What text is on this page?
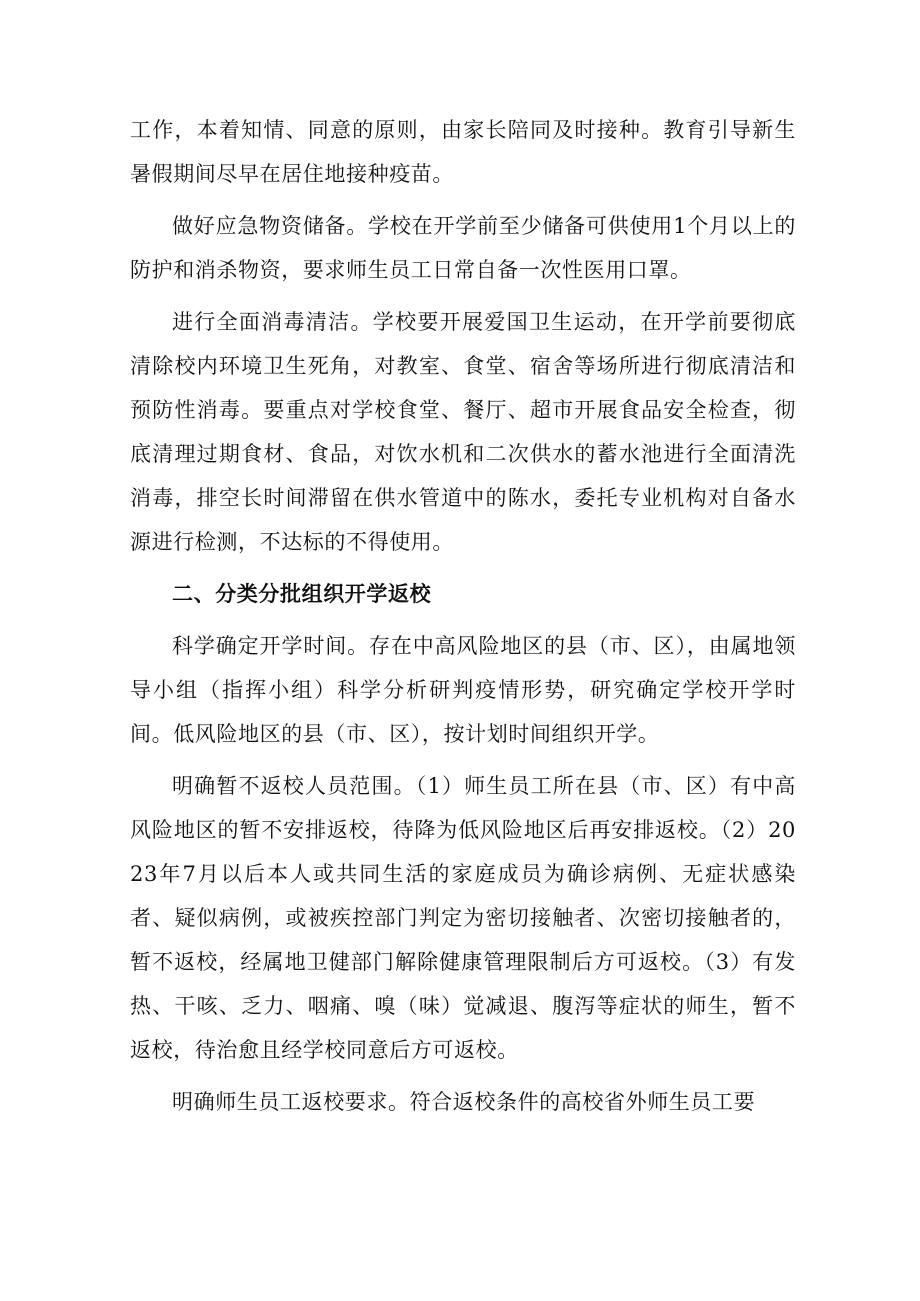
工作，本着知情、同意的原则，由家长陪同及时接种。教育引导新生暑假期间尽早在居住地接种疫苗。

做好应急物资储备。学校在开学前至少储备可供使用1个月以上的防护和消杀物资，要求师生员工日常自备一次性医用口罩。

进行全面消毒清洁。学校要开展爱国卫生运动，在开学前要彻底清除校内环境卫生死角，对教室、食堂、宿舍等场所进行彻底清洁和预防性消毒。要重点对学校食堂、餐厅、超市开展食品安全检查，彻底清理过期食材、食品，对饮水机和二次供水的蓄水池进行全面清洗消毒，排空长时间滞留在供水管道中的陈水，委托专业机构对自备水源进行检测，不达标的不得使用。

二、分类分批组织开学返校

科学确定开学时间。存在中高风险地区的县（市、区），由属地领导小组（指挥小组）科学分析研判疫情形势，研究确定学校开学时间。低风险地区的县（市、区），按计划时间组织开学。

明确暂不返校人员范围。（1）师生员工所在县（市、区）有中高风险地区的暂不安排返校，待降为低风险地区后再安排返校。（2）2023年7月以后本人或共同生活的家庭成员为确诊病例、无症状感染者、疑似病例，或被疾控部门判定为密切接触者、次密切接触者的，暂不返校，经属地卫健部门解除健康管理限制后方可返校。（3）有发热、干咳、乏力、咽痛、嗅（味）觉减退、腹泻等症状的师生，暂不返校，待治愈且经学校同意后方可返校。

明确师生员工返校要求。符合返校条件的高校省外师生员工要
